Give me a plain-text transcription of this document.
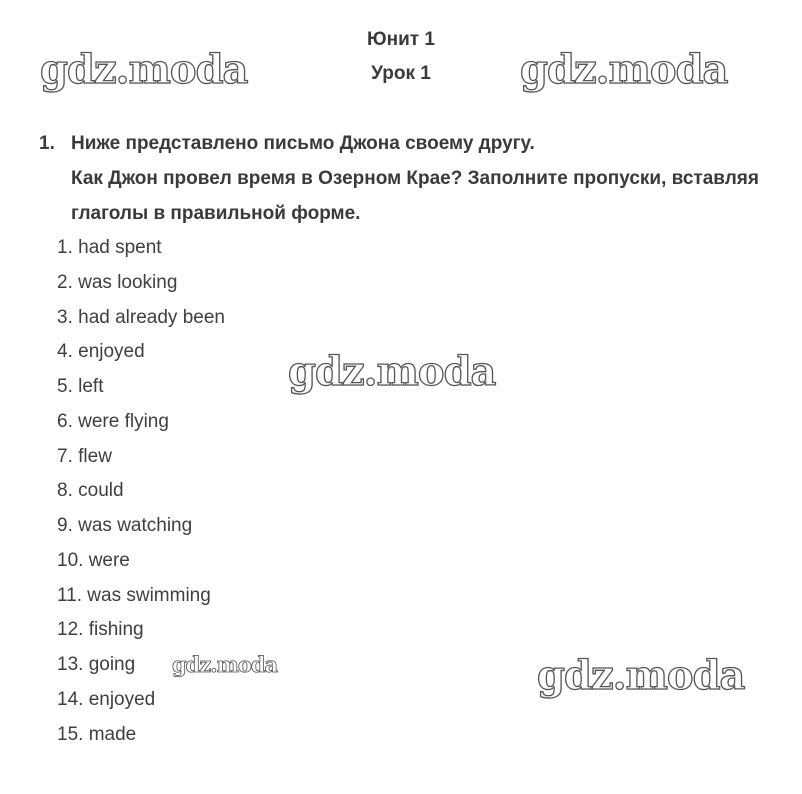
Юнит 1
Урок 1
gdz.moda	gdz.moda
gdz.moda
gdz.moda	gdz.moda
1. Ниже представлено письмо Джона своему другу.
Как Джон провел время в Озерном Крае? Заполните пропуски, вставляя
глаголы в правильной форме.
1. had spent
2. was looking
3. had already been
4. enjoyed
5. left
6. were flying
7. flew
8. could
9. was watching
10. were
11. was swimming
12. fishing
13. going
14. enjoyed
15. made
